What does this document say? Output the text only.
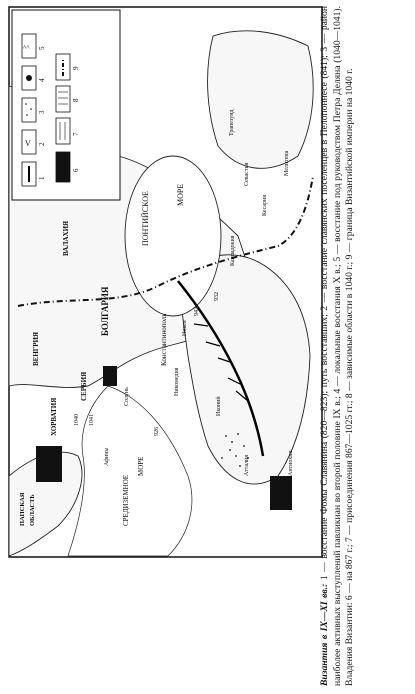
ПОНТИЙСКОЕ	МОРЕ
СРЕДИЗЕМНОЕ
МОРЕ
БОЛГАРИЯ
СЕРБИЯ
ХОРВАТИЯ
ВЕНГРИЯ
ВАЛАХИЯ
ПАПСКАЯ ОБЛАСТЬ
Константинополь Никея
Никомедия
Трапезунд
Севастия
Кесария
Мелитена
Каппадокия
Антиохия
Атталия
Иконий
Солунь
Афины
1040 1041
932
942
926
1
V 2
3
4
^^ 5
6
7
8
9
Византия в IX—XI вв.: 1 — восстание Фомы Славянина (820—823); путь восставших; 2 — восстание славянских поселенцев в Пелопоннесе (841); 3 — район наиболее активных выступлений павликиан во второй половине IX в.; 4 — локальные восстания X в.; 5 — восстание под руководством Петра Деляна (1040—1041). Владения Византии: 6 — на 867 г.; 7 — присоединения 867—1025 гг.; 8 — зависимые области в 1040 г.; 9 — граница Византийской империи на 1040 г.
